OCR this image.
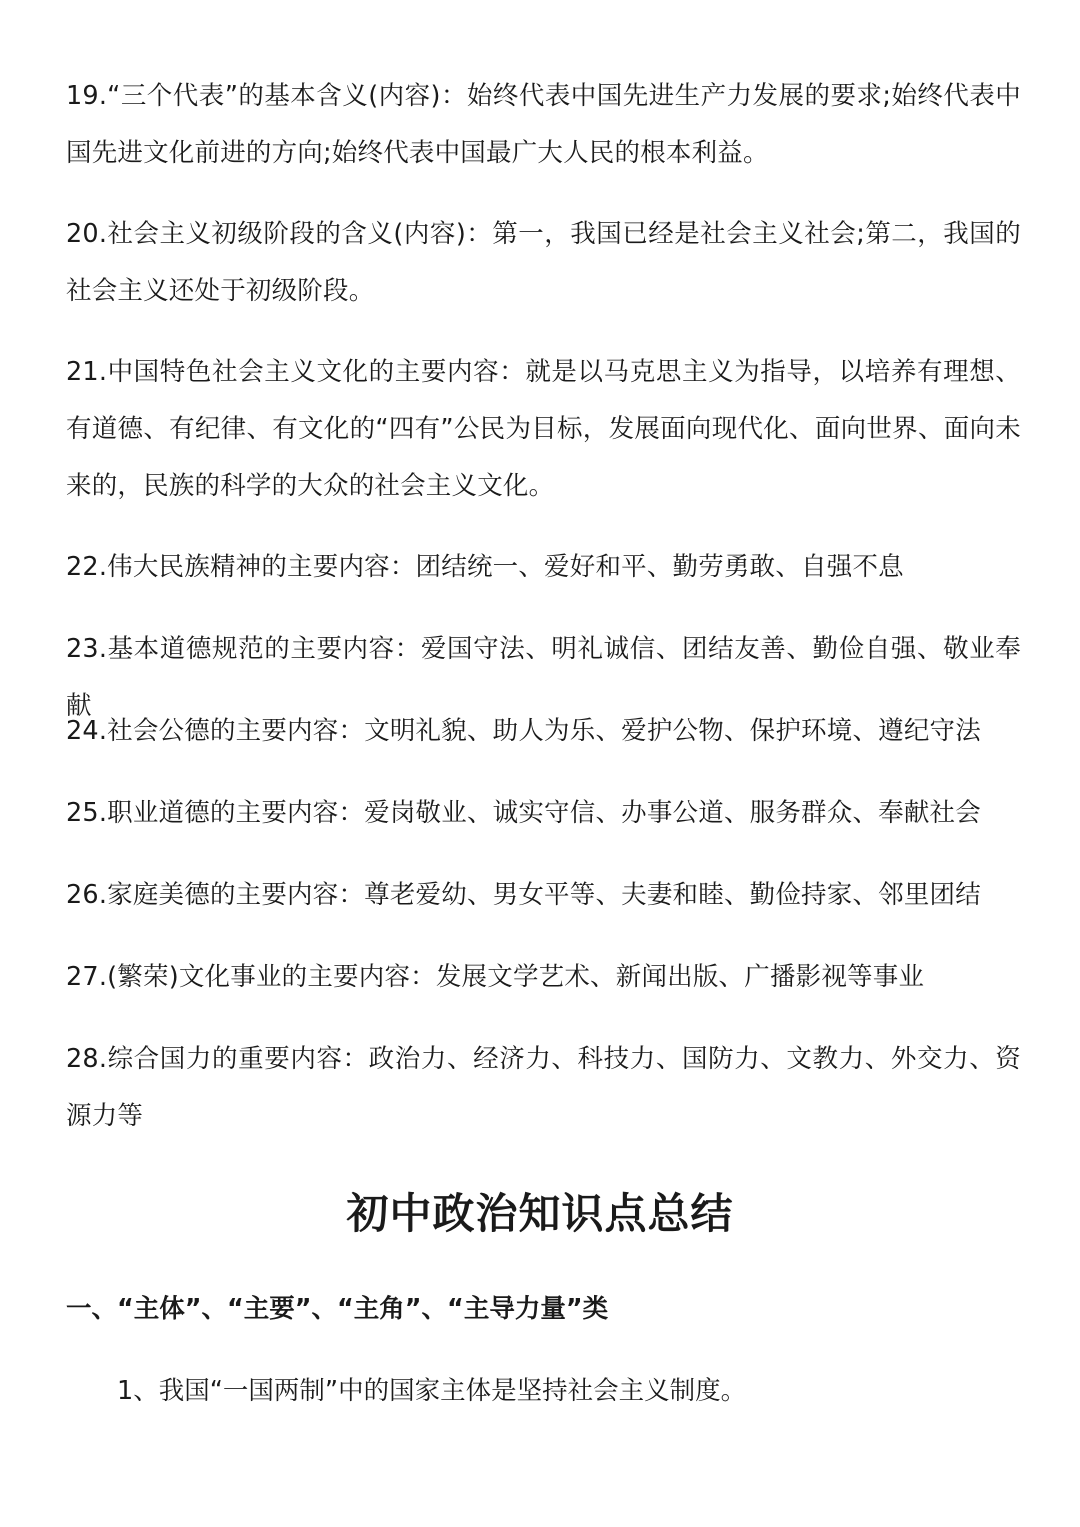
19.“三个代表”的基本含义(内容)：始终代表中国先进生产力发展的要求;始终代表中国先进文化前进的方向;始终代表中国最广大人民的根本利益。

20.社会主义初级阶段的含义(内容)：第一，我国已经是社会主义社会;第二，我国的社会主义还处于初级阶段。

21.中国特色社会主义文化的主要内容：就是以马克思主义为指导，以培养有理想、有道德、有纪律、有文化的“四有”公民为目标，发展面向现代化、面向世界、面向未来的，民族的科学的大众的社会主义文化。

22.伟大民族精神的主要内容：团结统一、爱好和平、勤劳勇敢、自强不息

23.基本道德规范的主要内容：爱国守法、明礼诚信、团结友善、勤俭自强、敬业奉献

24.社会公德的主要内容：文明礼貌、助人为乐、爱护公物、保护环境、遵纪守法

25.职业道德的主要内容：爱岗敬业、诚实守信、办事公道、服务群众、奉献社会

26.家庭美德的主要内容：尊老爱幼、男女平等、夫妻和睦、勤俭持家、邻里团结

27.(繁荣)文化事业的主要内容：发展文学艺术、新闻出版、广播影视等事业

28.综合国力的重要内容：政治力、经济力、科技力、国防力、文教力、外交力、资源力等

初中政治知识点总结
一、“主体”、“主要”、“主角”、“主导力量”类

1、我国“一国两制”中的国家主体是坚持社会主义制度。
